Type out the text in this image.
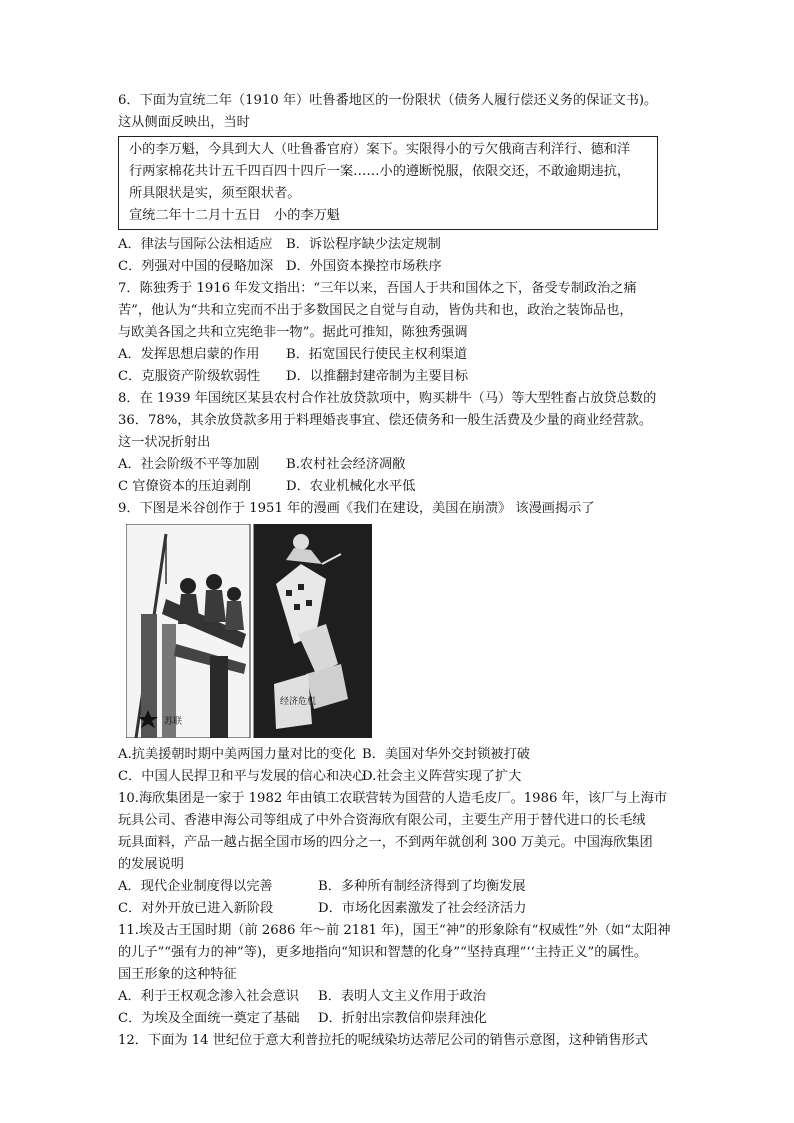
6．下面为宣统二年（1910 年）吐鲁番地区的一份限状（债务人履行偿还义务的保证文书)。
这从侧面反映出，当时
小的李万魁，今具到大人（吐鲁番官府）案下。实限得小的亏欠俄商吉利洋行、德和洋
行两家棉花共计五千四百四十四斤一案……小的遵断悦服，依限交还，不敢逾期违抗，
所具限状是实，须至限状者。
宣统二年十二月十五日　小的李万魁
A．律法与国际公法相适应	B．诉讼程序缺少法定规制
C．列强对中国的侵略加深 D．外国资本操控市场秩序
7．陈独秀于 1916 年发文指出：“三年以来，吾国人于共和国体之下，备受专制政治之痛
苦”，他认为“共和立宪而不出于多数国民之自觉与自动，皆伪共和也，政治之装饰品也，
与欧美各国之共和立宪绝非一物”。据此可推知，陈独秀强调
A．发挥思想启蒙的作用	B．拓宽国民行使民主权利渠道
C．克服资产阶级软弱性	D．以推翻封建帝制为主要目标
8．在 1939 年国统区某县农村合作社放贷款项中，购买耕牛（马）等大型牲畜占放贷总数的
36．78%，其余放贷款多用于料理婚丧事宜、偿还债务和一般生活费及少量的商业经营款。
这一状况折射出
A．社会阶级不平等加剧	B.农村社会经济凋敝
C 官僚资本的压迫剥削	D．农业机械化水平低
9．下图是米谷创作于 1951 年的漫画《我们在建设，美国在崩溃》 该漫画揭示了
苏联
经济危机
A.抗美援朝时期中美两国力量对比的变化 B．美国对华外交封锁被打破
C．中国人民捍卫和平与发展的信心和决心
D.社会主义阵营实现了扩大
10.海欣集团是一家于 1982 年由镇工农联营转为国营的人造毛皮厂。1986 年，该厂与上海市
玩具公司、香港申海公司等组成了中外合资海欣有限公司，主要生产用于替代进口的长毛绒
玩具面料，产品一越占据全国市场的四分之一，不到两年就创利 300 万美元。中国海欣集团
的发展说明
A．现代企业制度得以完善	B．多种所有制经济得到了均衡发展
C．对外开放已进入新阶段	D．市场化因素激发了社会经济活力
11.埃及古王国时期（前 2686 年～前 2181 年)，国王“神”的形象除有“权威性”外（如“太阳神
的儿子”“强有力的神”等)，更多地指向“知识和智慧的化身”“坚持真理”‘‘主持正义”的属性。
国王形象的这种特征
A．利于王权观念渗入社会意识	B．表明人文主义作用于政治
C．为埃及全面统一奠定了基础	D．折射出宗教信仰崇拜浊化
12．下面为 14 世纪位于意大利普拉托的呢绒染坊达蒂尼公司的销售示意图，这种销售形式
